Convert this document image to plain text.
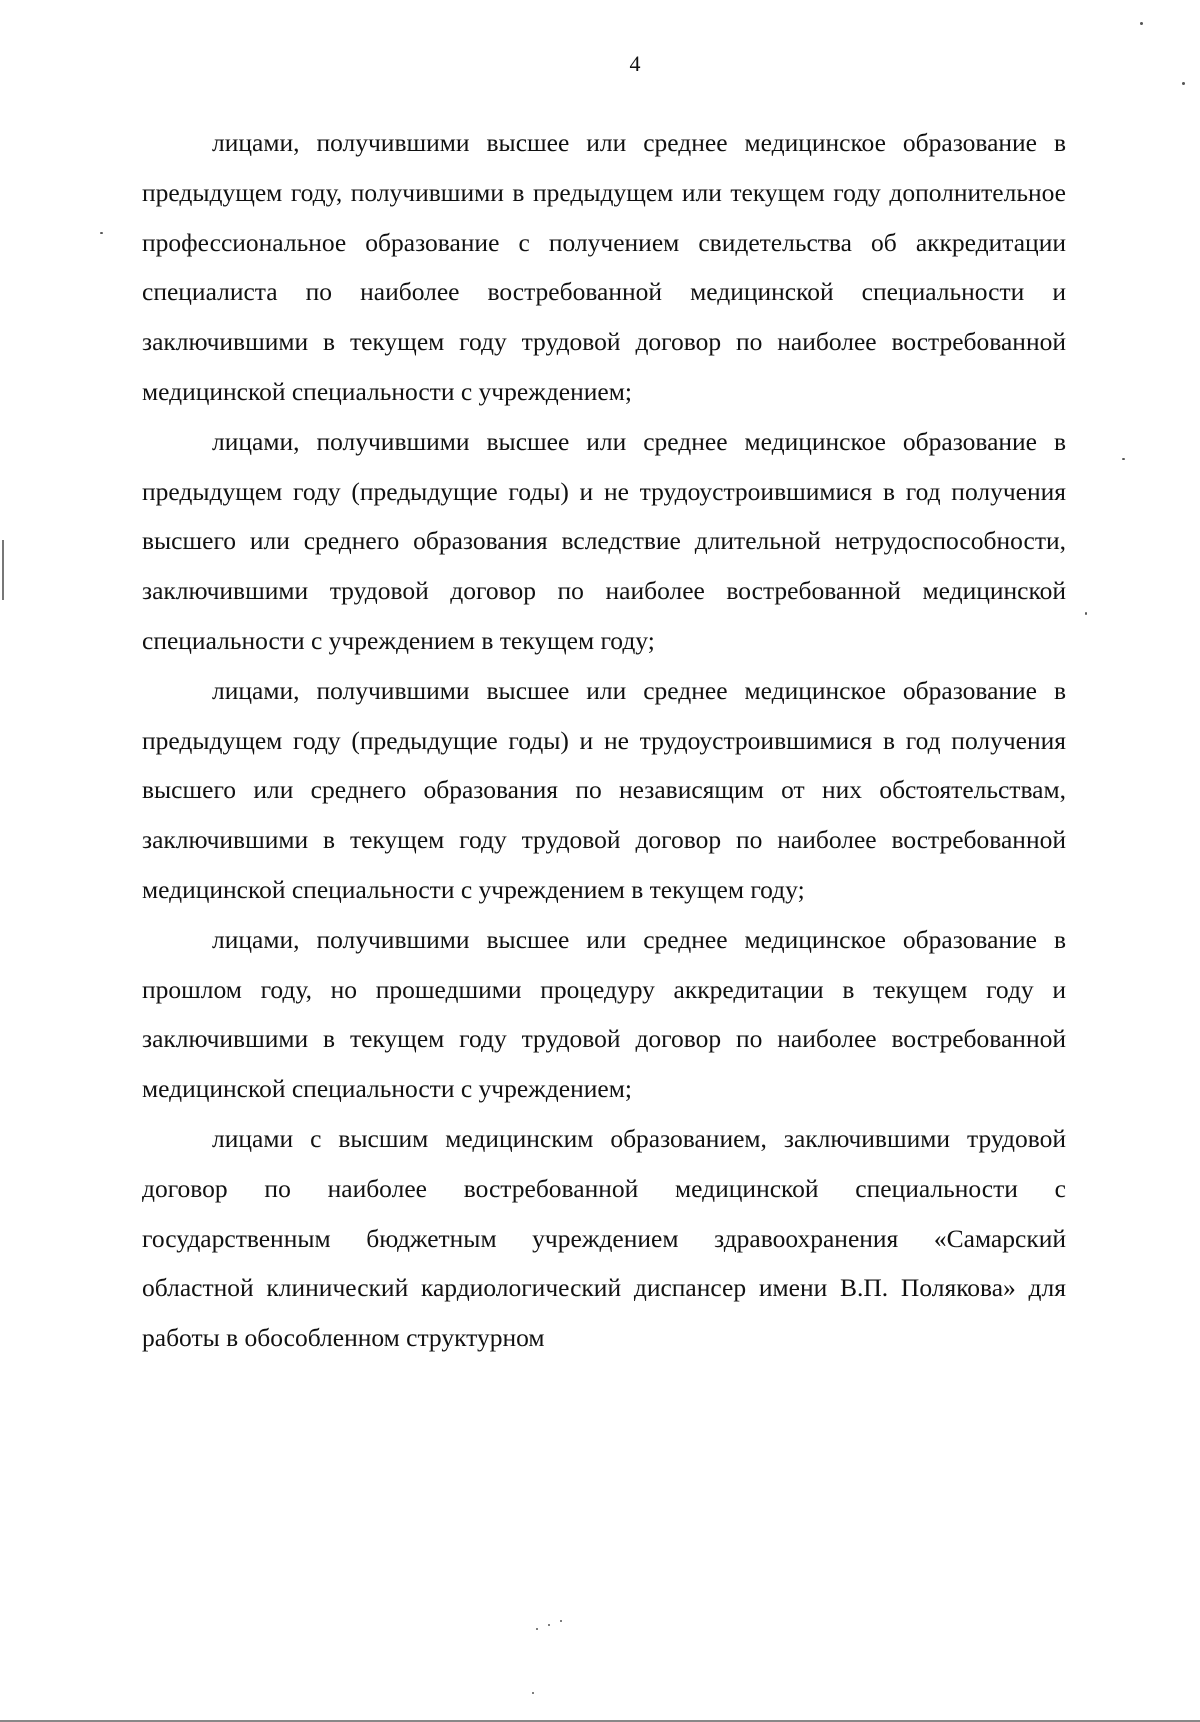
4

лицами, получившими высшее или среднее медицинское образование в предыдущем году, получившими в предыдущем или текущем году дополнительное профессиональное образование с получением свидетельства об аккредитации специалиста по наиболее востребованной медицинской специальности и заключившими в текущем году трудовой договор по наиболее востребованной медицинской специальности с учреждением;

лицами, получившими высшее или среднее медицинское образование в предыдущем году (предыдущие годы) и не трудоустроившимися в год получения высшего или среднего образования вследствие длительной нетрудоспособности, заключившими трудовой договор по наиболее востребованной медицинской специальности с учреждением в текущем году;

лицами, получившими высшее или среднее медицинское образование в предыдущем году (предыдущие годы) и не трудоустроившимися в год получения высшего или среднего образования по независящим от них обстоятельствам, заключившими в текущем году трудовой договор по наиболее востребованной медицинской специальности с учреждением в текущем году;

лицами, получившими высшее или среднее медицинское образование в прошлом году, но прошедшими процедуру аккредитации в текущем году и заключившими в текущем году трудовой договор по наиболее востребованной медицинской специальности с учреждением;

лицами с высшим медицинским образованием, заключившими трудовой договор по наиболее востребованной медицинской специальности с государственным бюджетным учреждением здравоохранения «Самарский областной клинический кардиологический диспансер имени В.П. Полякова» для работы в обособленном структурном
